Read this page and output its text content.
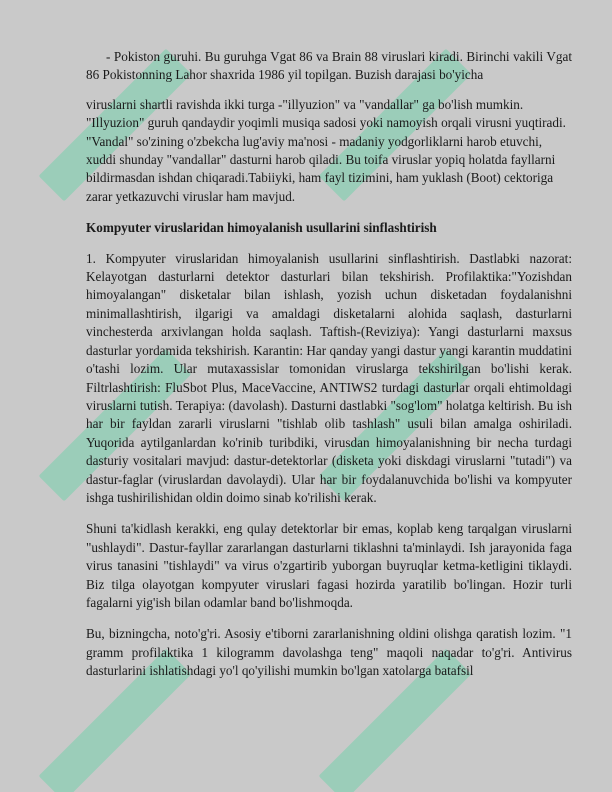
- Pokiston guruhi. Bu guruhga Vgat 86 va Brain 88 viruslari kiradi. Birinchi vakili Vgat 86 Pokistonning Lahor shaxrida 1986 yil topilgan. Buzish darajasi bo'yicha

viruslarni shartli ravishda ikki turga -"illyuzion" va "vandallar" ga bo'lish mumkin.

"Illyuzion" guruh qandaydir yoqimli musiqa sadosi yoki namoyish orqali virusni yuqtiradi.

"Vandal" so'zining o'zbekcha lug'aviy ma'nosi - madaniy yodgorliklarni harob etuvchi, xuddi shunday "vandallar" dasturni harob qiladi. Bu toifa viruslar yopiq holatda fayllarni bildirmasdan ishdan chiqaradi.Tabiiyki, ham fayl tizimini, ham yuklash (Boot) cektoriga zarar yetkazuvchi viruslar ham mavjud.

Kompyuter viruslaridan himoyalanish usullarini sinflashtirish

1. Kompyuter viruslaridan himoyalanish usullarini sinflashtirish. Dastlabki nazorat: Kelayotgan dasturlarni detektor dasturlari bilan tekshirish. Profilaktika:"Yozishdan himoyalangan" disketalar bilan ishlash, yozish uchun disketadan foydalanishni minimallashtirish, ilgarigi va amaldagi disketalarni alohida saqlash, dasturlarni vinchesterda arxivlangan holda saqlash. Taftish-(Reviziya): Yangi dasturlarni maxsus dasturlar yordamida tekshirish. Karantin: Har qanday yangi dastur yangi karantin muddatini o'tashi lozim. Ular mutaxassislar tomonidan viruslarga tekshirilgan bo'lishi kerak. Filtrlashtirish: FluSbot Plus, MaceVaccine, ANTIWS2 turdagi dasturlar orqali ehtimoldagi viruslarni tutish. Terapiya: (davolash). Dasturni dastlabki "sog'lom" holatga keltirish. Bu ish har bir fayldan zararli viruslarni "tishlab olib tashlash" usuli bilan amalga oshiriladi. Yuqorida aytilganlardan ko'rinib turibdiki, virusdan himoyalanishning bir necha turdagi dasturiy vositalari mavjud: dastur-detektorlar (disketa yoki diskdagi viruslarni "tutadi") va dastur-faglar (viruslardan davolaydi). Ular har bir foydalanuvchida bo'lishi va kompyuter ishga tushirilishidan oldin doimo sinab ko'rilishi kerak.

Shuni ta'kidlash kerakki, eng qulay detektorlar bir emas, koplab keng tarqalgan viruslarni "ushlaydi". Dastur-fayllar zararlangan dasturlarni tiklashni ta'minlaydi. Ish jarayonida faga virus tanasini "tishlaydi" va virus o'zgartirib yuborgan buyruqlar ketma-ketligini tiklaydi. Biz tilga olayotgan kompyuter viruslari fagasi hozirda yaratilib bo'lingan. Hozir turli fagalarni yig'ish bilan odamlar band bo'lishmoqda.

Bu, bizningcha, noto'g'ri. Asosiy e'tiborni zararlanishning oldini olishga qaratish lozim. "1 gramm profilaktika 1 kilogramm davolashga teng" maqoli naqadar to'g'ri. Antivirus dasturlarini ishlatishdagi yo'l qo'yilishi mumkin bo'lgan xatolarga batafsil
